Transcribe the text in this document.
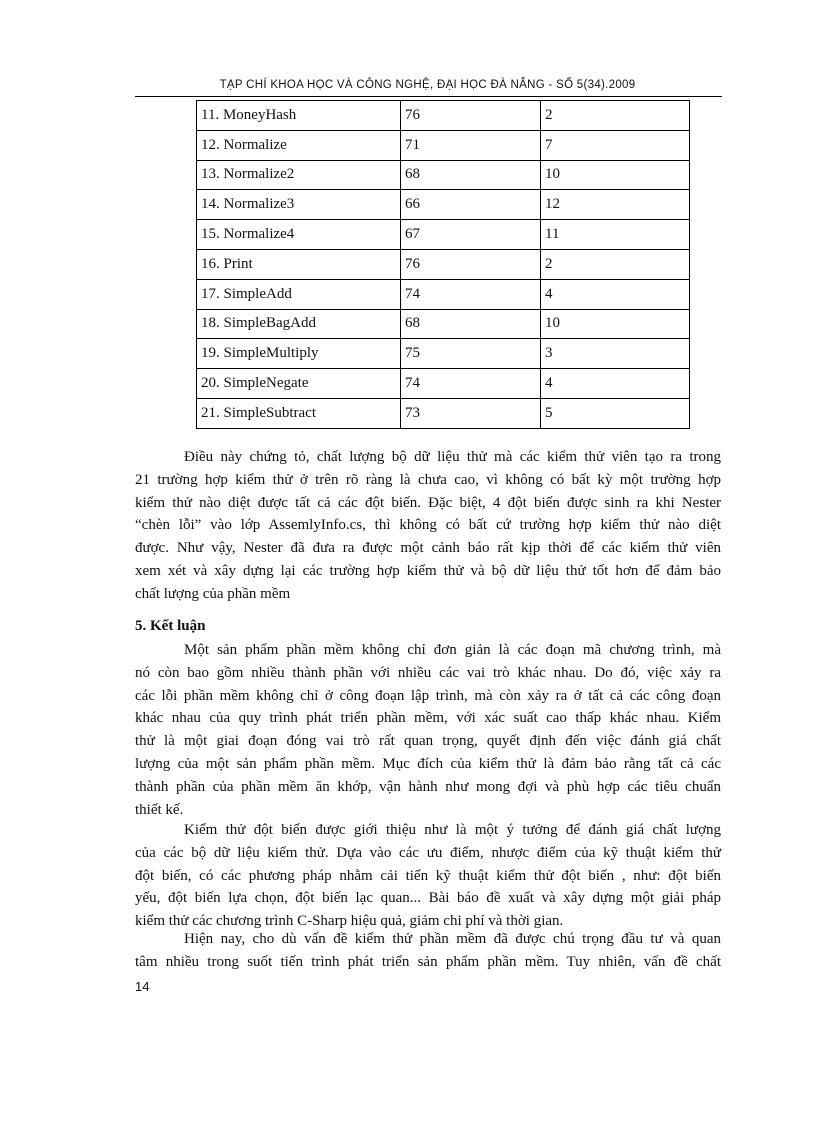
TẠP CHÍ KHOA HỌC VÀ CÔNG NGHỆ, ĐẠI HỌC ĐÀ NẴNG - SỐ 5(34).2009
11. MoneyHash	76	2
12. Normalize	71	7
13. Normalize2	68	10
14. Normalize3	66	12
15. Normalize4	67	11
16. Print	76	2
17. SimpleAdd	74	4
18. SimpleBagAdd	68	10
19. SimpleMultiply	75	3
20. SimpleNegate	74	4
21. SimpleSubtract	73	5
Điều này chứng tỏ, chất lượng bộ dữ liệu thử mà các kiểm thử viên tạo ra trong
21 trường hợp kiểm thử ở trên rõ ràng là chưa cao, vì không có bất kỳ một trường hợp
kiểm thử nào diệt được tất cả các đột biến. Đặc biệt, 4 đột biến được sinh ra khi Nester
“chèn lỗi” vào lớp AssemlyInfo.cs, thì không có bất cứ trường hợp kiểm thử nào diệt
được. Như vậy, Nester đã đưa ra được một cảnh báo rất kịp thời để các kiểm thử viên
xem xét và xây dựng lại các trường hợp kiểm thử và bộ dữ liệu thử tốt hơn để đảm bảo
chất lượng của phần mềm
5. Kết luận
Một sản phẩm phần mềm không chỉ đơn giản là các đoạn mã chương trình, mà
nó còn bao gồm nhiều thành phần với nhiều các vai trò khác nhau. Do đó, việc xảy ra
các lỗi phần mềm không chỉ ở công đoạn lập trình, mà còn xảy ra ở tất cả các công đoạn
khác nhau của quy trình phát triển phần mềm, với xác suất cao thấp khác nhau. Kiểm
thử là một giai đoạn đóng vai trò rất quan trọng, quyết định đến việc đánh giá chất
lượng của một sản phẩm phần mềm. Mục đích của kiểm thử là đảm bảo rằng tất cả các
thành phần của phần mềm ăn khớp, vận hành như mong đợi và phù hợp các tiêu chuẩn
thiết kế.
Kiểm thử đột biến được giới thiệu như là một ý tưởng để đánh giá chất lượng
của các bộ dữ liệu kiểm thử. Dựa vào các ưu điểm, nhược điểm của kỹ thuật kiểm thử
đột biến, có các phương pháp nhằm cải tiến kỹ thuật kiểm thử đột biến , như: đột biến
yếu, đột biến lựa chọn, đột biến lạc quan... Bài báo đề xuất và xây dựng một giải pháp
kiểm thử các chương trình C-Sharp hiệu quả, giảm chi phí và thời gian.
Hiện nay, cho dù vấn đề kiểm thử phần mềm đã được chú trọng đầu tư và quan
tâm nhiều trong suốt tiến trình phát triển sản phẩm phần mềm. Tuy nhiên, vấn đề chất
14
